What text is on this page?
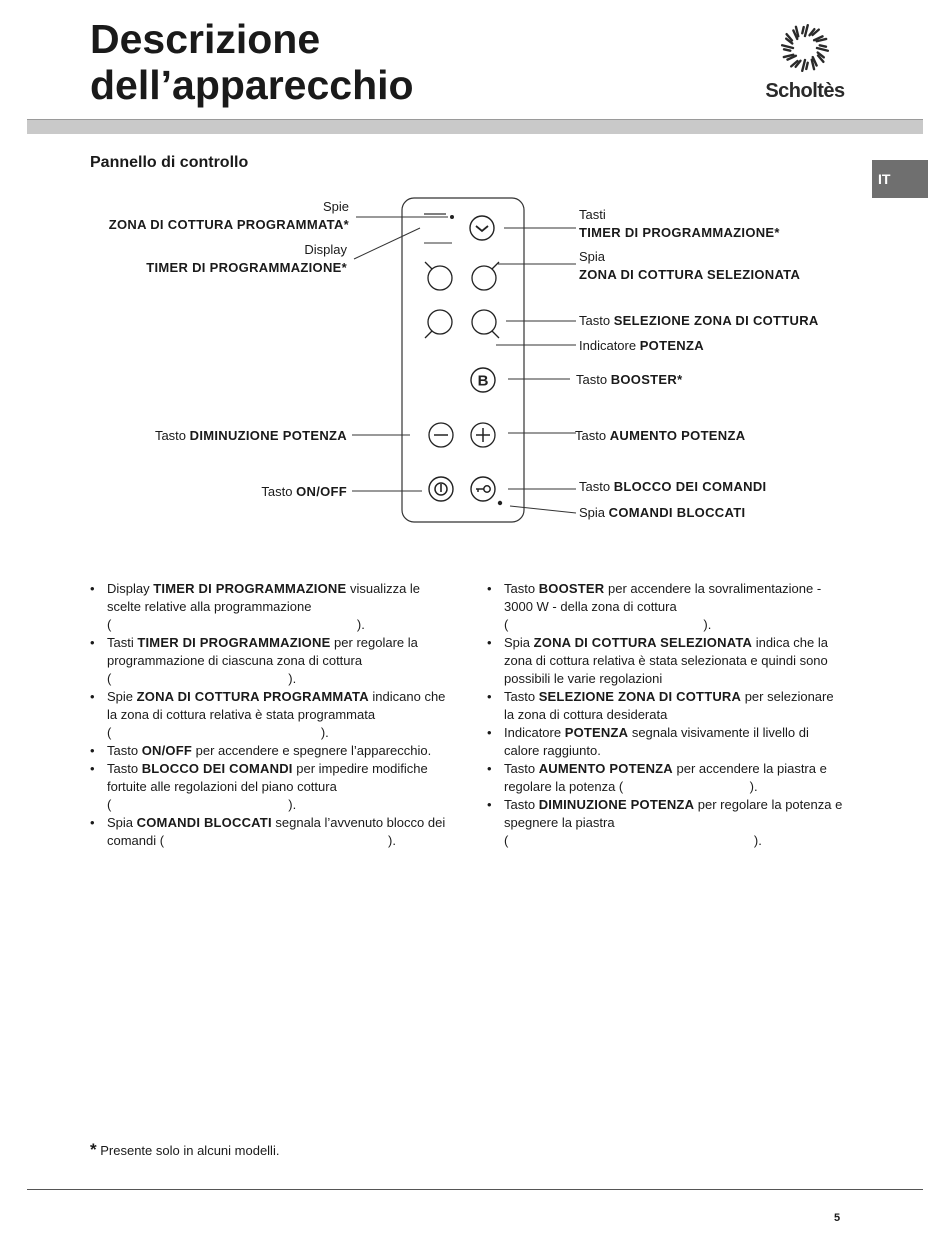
Descrizione
dell’apparecchio	Scholtès
IT
Pannello di controllo
B
Spie
ZONA DI COTTURA PROGRAMMATA*
Display
TIMER DI PROGRAMMAZIONE*
Tasto DIMINUZIONE POTENZA
Tasto ON/OFF
Tasti
TIMER DI PROGRAMMAZIONE*
Spia
ZONA DI COTTURA SELEZIONATA
Tasto SELEZIONE ZONA DI COTTURA
Indicatore POTENZA
Tasto BOOSTER*
Tasto AUMENTO POTENZA
Tasto BLOCCO DEI COMANDI
Spia COMANDI BLOCCATI
• Display TIMER DI PROGRAMMAZIONE visualizza le scelte relative alla programmazione (                                                                    ).
• Tasti TIMER DI PROGRAMMAZIONE per regolare la programmazione di ciascuna zona di cottura (                                                 ).
• Spie ZONA DI COTTURA PROGRAMMATA indicano che la zona di cottura relativa è stata programmata (                                                          ).
• Tasto ON/OFF per accendere e spegnere l’apparecchio.
• Tasto BLOCCO DEI COMANDI per impedire modifiche fortuite alle regolazioni del piano cottura (                                                 ).
• Spia COMANDI BLOCCATI segnala l’avvenuto blocco dei comandi (                                                              ).
• Tasto BOOSTER per accendere la sovralimentazione - 3000 W - della zona di cottura (                                                      ).
• Spia ZONA DI COTTURA SELEZIONATA indica che la zona di cottura relativa è stata selezionata e quindi sono possibili le varie regolazioni
• Tasto SELEZIONE ZONA DI COTTURA per selezionare la zona di cottura desiderata
• Indicatore POTENZA segnala visivamente il livello di calore raggiunto.
• Tasto AUMENTO POTENZA per accendere la piastra e regolare la potenza (                                   ).
• Tasto DIMINUZIONE POTENZA per regolare la potenza e spegnere la piastra (                                                                    ).
* Presente solo in alcuni modelli.
5
